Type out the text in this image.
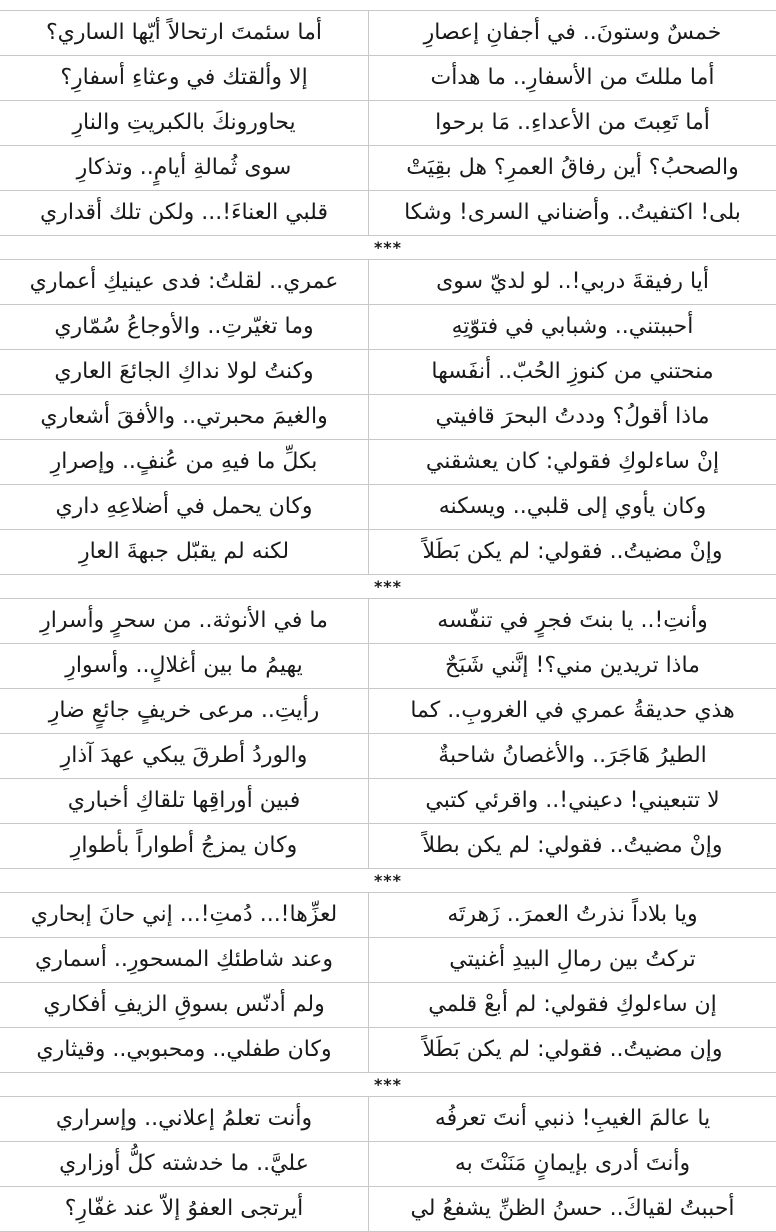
أما سئمتَ ارتحالاً أيّها الساري؟	خمسٌ وستونَ.. في أجفانِ إعصارِ
إلا وألقتك في وعثاءِ أسفارِ؟	أما مللتَ من الأسفارِ.. ما هدأت
يحاورونكَ بالكبريتِ والنارِ	أما تَعِبتَ من الأعداءِ.. مَا برحوا
سوى ثُمالةِ أيامٍ.. وتذكارِ	والصحبُ؟ أين رفاقُ العمرِ؟ هل بقِيَتْ
قلبي العناءَ!... ولكن تلك أقداري	بلى! اكتفيتُ.. وأضناني السرى! وشكا
***
عمري.. لقلتُ: فدى عينيكِ أعماري	أيا رفيقةَ دربي!.. لو لديّ سوى
وما تغيّرتِ.. والأوجاعُ سُمّاري	أحببتني.. وشبابي في فتوّتِهِ
وكنتُ لولا نداكِ الجائعَ العاري	منحتني من كنوزِ الحُبّ.. أنفَسها
والغيمَ محبرتي.. والأفقَ أشعاري	ماذا أقولُ؟ وددتُ البحرَ قافيتي
بكلِّ ما فيهِ من عُنفٍ.. وإصرارِ	إنْ ساءلوكِ فقولي: كان يعشقني
وكان يحمل في أضلاعِهِ داري	وكان يأوي إلى قلبي.. ويسكنه
لكنه لم يقبّل جبهةَ العارِ	وإنْ مضيتُ.. فقولي: لم يكن بَطَلاً
***
ما في الأنوثة.. من سحرٍ وأسرارِ	وأنتِ!.. يا بنتَ فجرٍ في تنفّسه
يهيمُ ما بين أغلالٍ.. وأسوارِ	ماذا تريدين مني؟! إنَّني شَبَحٌ
رأيتِ.. مرعى خريفٍ جائعٍ ضارِ	هذي حديقةُ عمري في الغروبِ.. كما
والوردُ أطرقَ يبكي عهدَ آذارِ	الطيرُ هَاجَرَ.. والأغصانُ شاحبةٌ
فبين أوراقِها تلقاكِ أخباري	لا تتبعيني! دعيني!.. واقرئي كتبي
وكان يمزجُ أطواراً بأطوارِ	وإنْ مضيتُ.. فقولي: لم يكن بطلاً
***
لعزِّها!... دُمتِ!... إني حانَ إبحاري	ويا بلاداً نذرتُ العمرَ.. زَهرتَه
وعند شاطئكِ المسحورِ.. أسماري	تركتُ بين رمالِ البيدِ أغنيتي
ولم أدنّس بسوقِ الزيفِ أفكاري	إن ساءلوكِ فقولي: لم أبعْ قلمي
وكان طفلي.. ومحبوبي.. وقيثاري	وإن مضيتُ.. فقولي: لم يكن بَطَلاً
***
وأنت تعلمُ إعلاني.. وإسراري	يا عالمَ الغيبِ! ذنبي أنتَ تعرفُه
عليَّ.. ما خدشته كلُّ أوزاري	وأنتَ أدرى بإيمانٍ مَنَنْتَ به
أيرتجى العفوُ إلاّ عند غفّارِ؟	أحببتُ لقياكَ.. حسنُ الظنِّ يشفعُ لي
